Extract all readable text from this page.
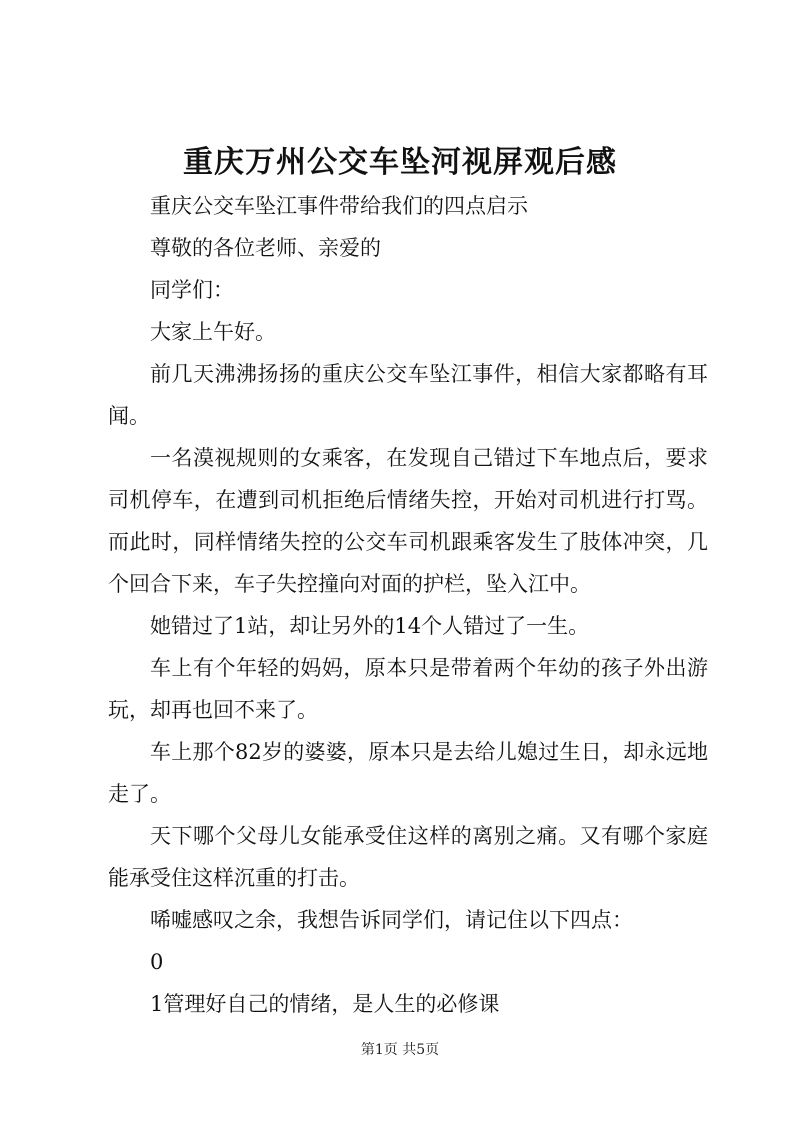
重庆万州公交车坠河视屏观后感

重庆公交车坠江事件带给我们的四点启示

尊敬的各位老师、亲爱的

同学们：

大家上午好。

前几天沸沸扬扬的重庆公交车坠江事件，相信大家都略有耳闻。

一名漠视规则的女乘客，在发现自己错过下车地点后，要求司机停车，在遭到司机拒绝后情绪失控，开始对司机进行打骂。而此时，同样情绪失控的公交车司机跟乘客发生了肢体冲突，几个回合下来，车子失控撞向对面的护栏，坠入江中。

她错过了1站，却让另外的14个人错过了一生。

车上有个年轻的妈妈，原本只是带着两个年幼的孩子外出游玩，却再也回不来了。

车上那个82岁的婆婆，原本只是去给儿媳过生日，却永远地走了。

天下哪个父母儿女能承受住这样的离别之痛。又有哪个家庭能承受住这样沉重的打击。

唏嘘感叹之余，我想告诉同学们，请记住以下四点：

0

1管理好自己的情绪，是人生的必修课

第1页 共5页
